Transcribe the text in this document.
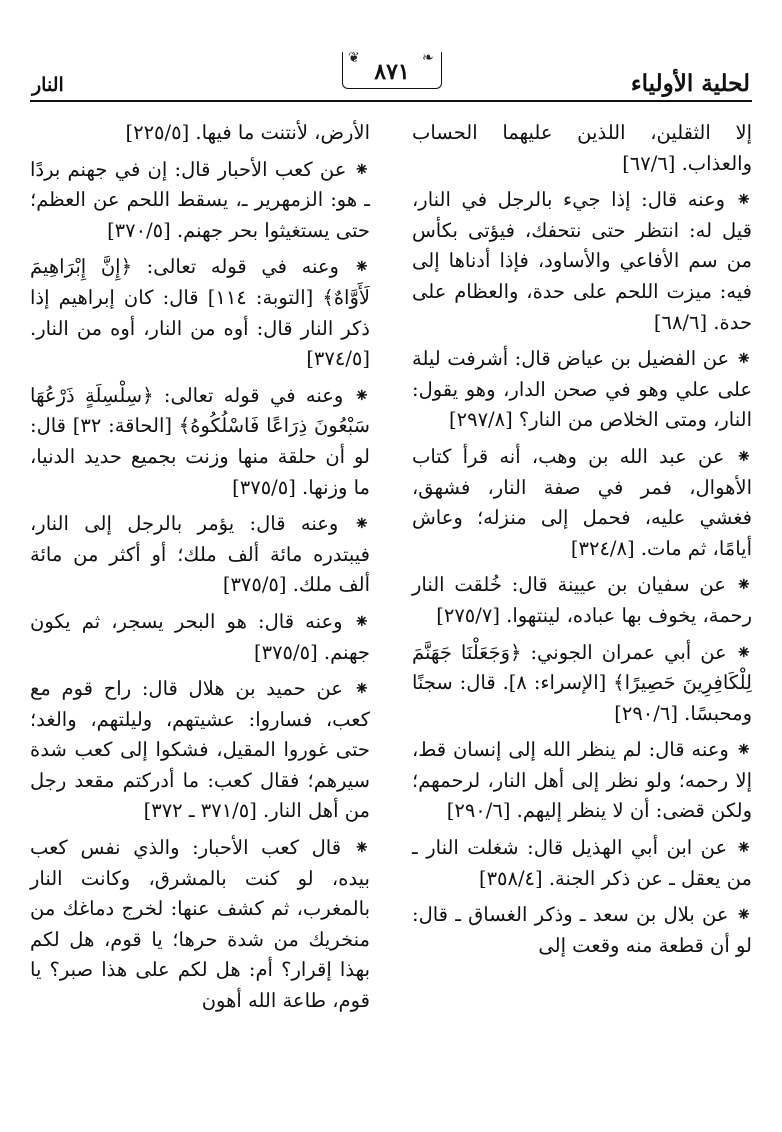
النار
❦
٨٧١
❧
لحلية الأولياء

إلا الثقلين، اللذين عليهما الحساب والعذاب. [٦٧/٦]

⁕ وعنه قال: إذا جيء بالرجل في النار، قيل له: انتظر حتى نتحفك، فيؤتى بكأس من سم الأفاعي والأساود، فإذا أدناها إلى فيه: ميزت اللحم على حدة، والعظام على حدة. [٦٨/٦]

⁕ عن الفضيل بن عياض قال: أشرفت ليلة على علي وهو في صحن الدار، وهو يقول: النار، ومتى الخلاص من النار؟ [٢٩٧/٨]

⁕ عن عبد الله بن وهب، أنه قرأ كتاب الأهوال، فمر في صفة النار، فشهق، فغشي عليه، فحمل إلى منزله؛ وعاش أيامًا، ثم مات. [٣٢٤/٨]

⁕ عن سفيان بن عيينة قال: خُلقت النار رحمة، يخوف بها عباده، لينتهوا. [٢٧٥/٧]

⁕ عن أبي عمران الجوني: ﴿وَجَعَلْنَا جَهَنَّمَ لِلْكَافِرِينَ حَصِيرًا﴾ [الإسراء: ٨]. قال: سجنًا ومحبسًا. [٢٩٠/٦]

⁕ وعنه قال: لم ينظر الله إلى إنسان قط، إلا رحمه؛ ولو نظر إلى أهل النار، لرحمهم؛ ولكن قضى: أن لا ينظر إليهم. [٢٩٠/٦]

⁕ عن ابن أبي الهذيل قال: شغلت النار ـ من يعقل ـ عن ذكر الجنة. [٣٥٨/٤]

⁕ عن بلال بن سعد ـ وذكر الغساق ـ قال: لو أن قطعة منه وقعت إلى

الأرض، لأنتنت ما فيها. [٢٢٥/٥]

⁕ عن كعب الأحبار قال: إن في جهنم بردًا ـ هو: الزمهرير ـ، يسقط اللحم عن العظم؛ حتى يستغيثوا بحر جهنم. [٣٧٠/٥]

⁕ وعنه في قوله تعالى: ﴿إِنَّ إِبْرَاهِيمَ لَأَوَّاهٌ﴾ [التوبة: ١١٤] قال: كان إبراهيم إذا ذكر النار قال: أوه من النار، أوه من النار. [٣٧٤/٥]

⁕ وعنه في قوله تعالى: ﴿سِلْسِلَةٍ ذَرْعُهَا سَبْعُونَ ذِرَاعًا فَاسْلُكُوهُ﴾ [الحاقة: ٣٢] قال: لو أن حلقة منها وزنت بجميع حديد الدنيا، ما وزنها. [٣٧٥/٥]

⁕ وعنه قال: يؤمر بالرجل إلى النار، فيبتدره مائة ألف ملك؛ أو أكثر من مائة ألف ملك. [٣٧٥/٥]

⁕ وعنه قال: هو البحر يسجر، ثم يكون جهنم. [٣٧٥/٥]

⁕ عن حميد بن هلال قال: راح قوم مع كعب، فساروا: عشيتهم، وليلتهم، والغد؛ حتى غوروا المقيل، فشكوا إلى كعب شدة سيرهم؛ فقال كعب: ما أدركتم مقعد رجل من أهل النار. [٣٧١/٥ ـ ٣٧٢]

⁕ قال كعب الأحبار: والذي نفس كعب بيده، لو كنت بالمشرق، وكانت النار بالمغرب، ثم كشف عنها: لخرج دماغك من منخريك من شدة حرها؛ يا قوم، هل لكم بهذا إقرار؟ أم: هل لكم على هذا صبر؟ يا قوم، طاعة الله أهون
